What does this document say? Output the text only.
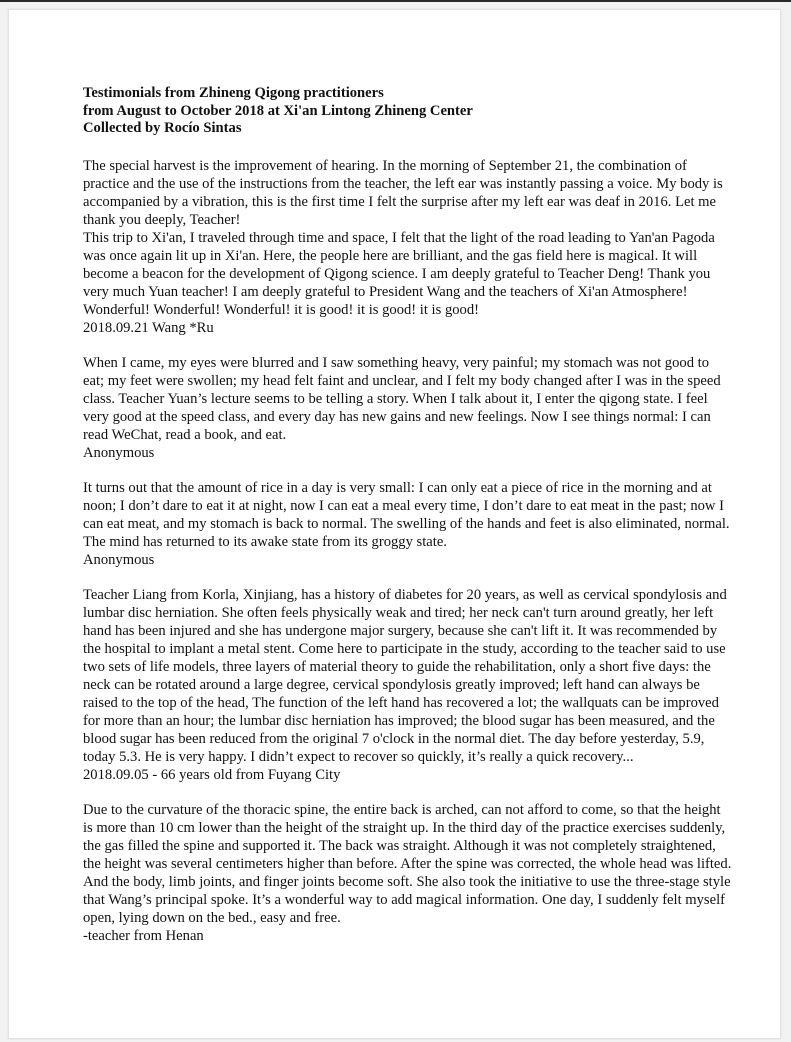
Testimonials from Zhineng Qigong practitioners
from August to October 2018 at Xi'an Lintong Zhineng Center
Collected by Rocío Sintas

The special harvest is the improvement of hearing. In the morning of September 21, the combination of practice and the use of the instructions from the teacher, the left ear was instantly passing a voice. My body is accompanied by a vibration, this is the first time I felt the surprise after my left ear was deaf in 2016. Let me thank you deeply, Teacher!

This trip to Xi'an, I traveled through time and space, I felt that the light of the road leading to Yan'an Pagoda was once again lit up in Xi'an. Here, the people here are brilliant, and the gas field here is magical. It will become a beacon for the development of Qigong science. I am deeply grateful to Teacher Deng! Thank you very much Yuan teacher! I am deeply grateful to President Wang and the teachers of Xi'an Atmosphere! Wonderful! Wonderful! Wonderful! it is good! it is good! it is good!

2018.09.21 Wang *Ru

When I came, my eyes were blurred and I saw something heavy, very painful; my stomach was not good to eat; my feet were swollen; my head felt faint and unclear, and I felt my body changed after I was in the speed class. Teacher Yuan’s lecture seems to be telling a story. When I talk about it, I enter the qigong state. I feel very good at the speed class, and every day has new gains and new feelings. Now I see things normal: I can read WeChat, read a book, and eat.

Anonymous

It turns out that the amount of rice in a day is very small: I can only eat a piece of rice in the morning and at noon; I don’t dare to eat it at night, now I can eat a meal every time, I don’t dare to eat meat in the past; now I can eat meat, and my stomach is back to normal. The swelling of the hands and feet is also eliminated, normal. The mind has returned to its awake state from its groggy state.

Anonymous

Teacher Liang from Korla, Xinjiang, has a history of diabetes for 20 years, as well as cervical spondylosis and lumbar disc herniation. She often feels physically weak and tired; her neck can't turn around greatly, her left hand has been injured and she has undergone major surgery, because she can't lift it. It was recommended by the hospital to implant a metal stent. Come here to participate in the study, according to the teacher said to use two sets of life models, three layers of material theory to guide the rehabilitation, only a short five days: the neck can be rotated around a large degree, cervical spondylosis greatly improved; left hand can always be raised to the top of the head, The function of the left hand has recovered a lot; the wallquats can be improved for more than an hour; the lumbar disc herniation has improved; the blood sugar has been measured, and the blood sugar has been reduced from the original 7 o'clock in the normal diet. The day before yesterday, 5.9, today 5.3. He is very happy. I didn’t expect to recover so quickly, it’s really a quick recovery...

2018.09.05 - 66 years old from Fuyang City

Due to the curvature of the thoracic spine, the entire back is arched, can not afford to come, so that the height is more than 10 cm lower than the height of the straight up. In the third day of the practice exercises suddenly, the gas filled the spine and supported it. The back was straight. Although it was not completely straightened, the height was several centimeters higher than before. After the spine was corrected, the whole head was lifted. And the body, limb joints, and finger joints become soft. She also took the initiative to use the three-stage style that Wang’s principal spoke. It’s a wonderful way to add magical information. One day, I suddenly felt myself open, lying down on the bed., easy and free.

-teacher from Henan
